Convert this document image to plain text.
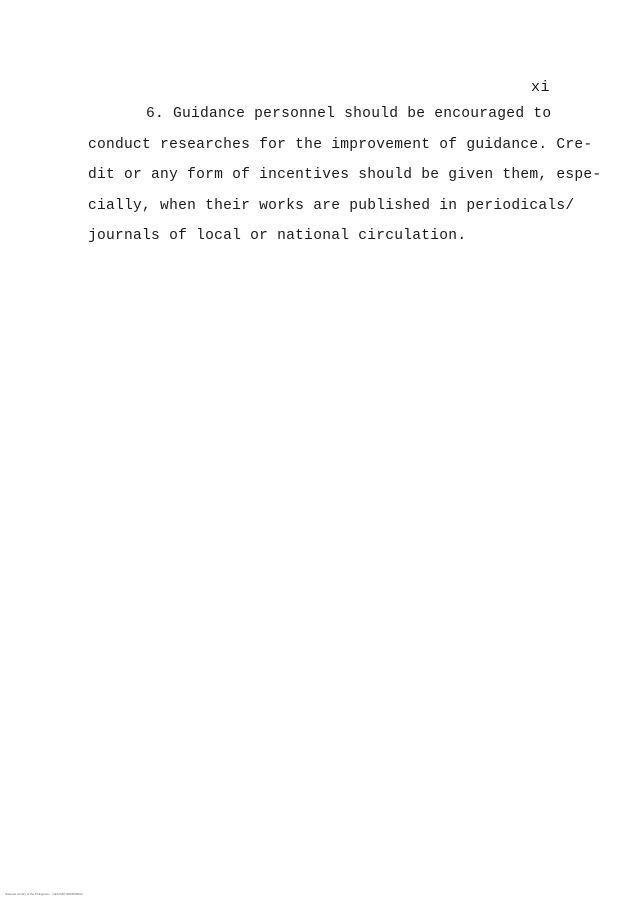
xi
6. Guidance personnel should be encouraged to
conduct researches for the improvement of guidance. Cre-
dit or any form of incentives should be given them, espe-
cially, when their works are published in periodicals/
journals of local or national circulation.
National Library of the Philippines · OE/GSDT/2005/00002
